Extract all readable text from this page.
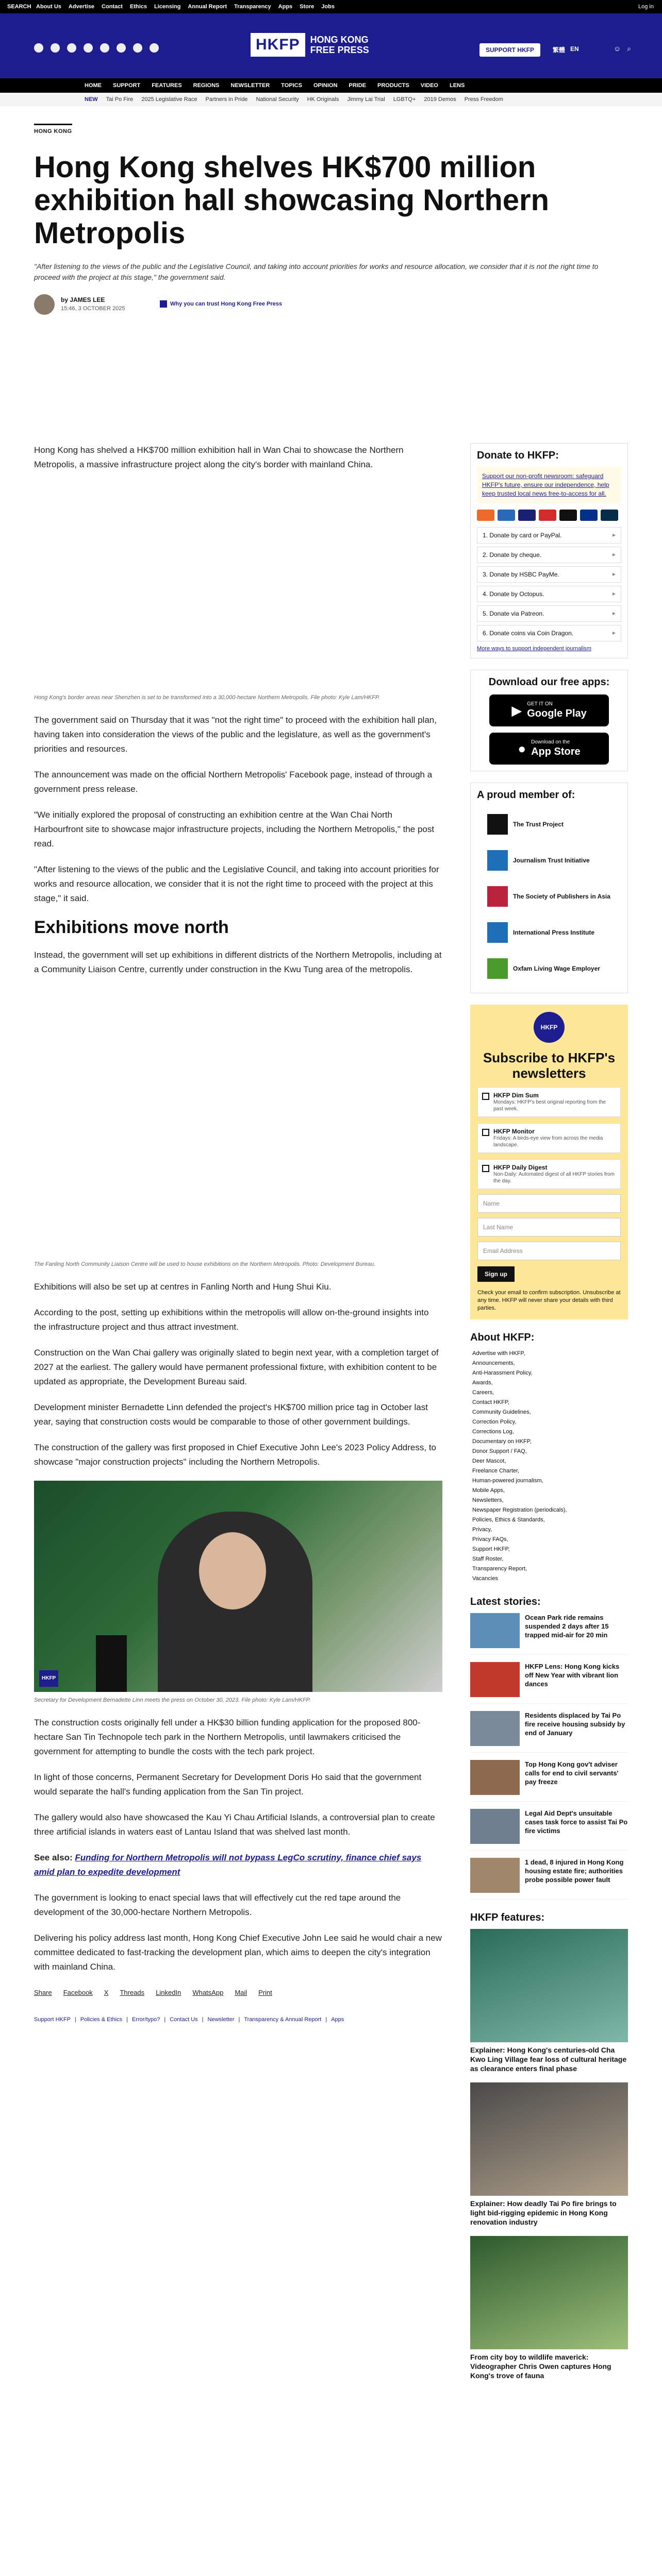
SEARCH About Us Advertise Contact Ethics Licensing Annual Report Transparency Apps Store Jobs	Log in
HKFP	HONG KONG
FREE PRESS	SUPPORT HKFP	繁體 EN	☺ ⌕
HOME SUPPORT FEATURES REGIONS NEWSLETTER TOPICS OPINION PRIDE PRODUCTS VIDEO LENS
NEW Tai Po Fire 2025 Legislative Race Partners in Pride National Security HK Originals Jimmy Lai Trial LGBTQ+ 2019 Demos Press Freedom
HONG KONG
Hong Kong shelves HK$700 million exhibition hall showcasing Northern Metropolis

"After listening to the views of the public and the Legislative Council, and taking into account priorities for works and resource allocation, we consider that it is not the right time to proceed with the project at this stage," the government said.

by JAMES LEE
15:46, 3 OCTOBER 2025
Why you can trust Hong Kong Free Press

Hong Kong has shelved a HK$700 million exhibition hall in Wan Chai to showcase the Northern Metropolis, a massive infrastructure project along the city's border with mainland China.

Hong Kong's border areas near Shenzhen is set to be transformed into a 30,000-hectare Northern Metropolis. File photo: Kyle Lam/HKFP.

The government said on Thursday that it was "not the right time" to proceed with the exhibition hall plan, having taken into consideration the views of the public and the legislature, as well as the government's priorities and resources.

The announcement was made on the official Northern Metropolis' Facebook page, instead of through a government press release.

"We initially explored the proposal of constructing an exhibition centre at the Wan Chai North Harbourfront site to showcase major infrastructure projects, including the Northern Metropolis," the post read.

"After listening to the views of the public and the Legislative Council, and taking into account priorities for works and resource allocation, we consider that it is not the right time to proceed with the project at this stage," it said.

Exhibitions move north

Instead, the government will set up exhibitions in different districts of the Northern Metropolis, including at a Community Liaison Centre, currently under construction in the Kwu Tung area of the metropolis.

The Fanling North Community Liaison Centre will be used to house exhibitions on the Northern Metropolis. Photo: Development Bureau.

Exhibitions will also be set up at centres in Fanling North and Hung Shui Kiu.

According to the post, setting up exhibitions within the metropolis will allow on-the-ground insights into the infrastructure project and thus attract investment.

Construction on the Wan Chai gallery was originally slated to begin next year, with a completion target of 2027 at the earliest. The gallery would have permanent professional fixture, with exhibition content to be updated as appropriate, the Development Bureau said.

Development minister Bernadette Linn defended the project's HK$700 million price tag in October last year, saying that construction costs would be comparable to those of other government buildings.

The construction of the gallery was first proposed in Chief Executive John Lee's 2023 Policy Address, to showcase "major construction projects" including the Northern Metropolis.

HKFP

Secretary for Development Bernadette Linn meets the press on October 30, 2023. File photo: Kyle Lam/HKFP.

The construction costs originally fell under a HK$30 billion funding application for the proposed 800-hectare San Tin Technopole tech park in the Northern Metropolis, until lawmakers criticised the government for attempting to bundle the costs with the tech park project.

In light of those concerns, Permanent Secretary for Development Doris Ho said that the government would separate the hall's funding application from the San Tin project.

The gallery would also have showcased the Kau Yi Chau Artificial Islands, a controversial plan to create three artificial islands in waters east of Lantau Island that was shelved last month.

See also: Funding for Northern Metropolis will not bypass LegCo scrutiny, finance chief says amid plan to expedite development

The government is looking to enact special laws that will effectively cut the red tape around the development of the 30,000-hectare Northern Metropolis.

Delivering his policy address last month, Hong Kong Chief Executive John Lee said he would chair a new committee dedicated to fast-tracking the development plan, which aims to deepen the city's integration with mainland China.

Share Facebook X Threads LinkedIn WhatsApp Mail Print
Support HKFP | Policies & Ethics | Error/typo? | Contact Us | Newsletter | Transparency & Annual Report | Apps
Donate to HKFP:
Support our non-profit newsroom: safeguard HKFP's future, ensure our independence, help keep trusted local news free-to-access for all.
1. Donate by card or PayPal. ▸
2. Donate by cheque. ▸
3. Donate by HSBC PayMe. ▸
4. Donate by Octopus. ▸
5. Donate via Patreon. ▸
6. Donate coins via Coin Dragon. ▸
More ways to support independent journalism
Download our free apps:
▶ GET IT ON
Google Play
● Download on the
App Store
A proud member of:
The Trust Project
Journalism Trust Initiative
The Society of Publishers in Asia
International Press Institute
Oxfam Living Wage Employer
HKFP
Subscribe to HKFP's newsletters
HKFP Dim Sum
Mondays: HKFP's best original reporting from the past week.
HKFP Monitor
Fridays: A birds-eye view from across the media landscape.
HKFP Daily Digest
Non-Daily: Automated digest of all HKFP stories from the day.
Name
Last Name
Email Address
Sign up

Check your email to confirm subscription. Unsubscribe at any time. HKFP will never share your details with third parties.

About HKFP:
Advertise with HKFP,
Announcements,
Anti-Harassment Policy,
Awards,
Careers,
Contact HKFP,
Community Guidelines,
Correction Policy,
Corrections Log,
Documentary on HKFP,
Donor Support / FAQ,
Deer Mascot,
Freelance Charter,
Human-powered journalism,
Mobile Apps,
Newsletters,
Newspaper Registration (periodicals),
Policies, Ethics & Standards,
Privacy,
Privacy FAQs,
Support HKFP,
Staff Roster,
Transparency Report,
Vacancies
Latest stories:
Ocean Park ride remains suspended 2 days after 15 trapped mid-air for 20 min
HKFP Lens: Hong Kong kicks off New Year with vibrant lion dances
Residents displaced by Tai Po fire receive housing subsidy by end of January
Top Hong Kong gov't adviser calls for end to civil servants' pay freeze
Legal Aid Dept's unsuitable cases task force to assist Tai Po fire victims
1 dead, 8 injured in Hong Kong housing estate fire; authorities probe possible power fault
HKFP features:
Explainer: Hong Kong's centuries-old Cha Kwo Ling Village fear loss of cultural heritage as clearance enters final phase
Explainer: How deadly Tai Po fire brings to light bid-rigging epidemic in Hong Kong renovation industry
From city boy to wildlife maverick: Videographer Chris Owen captures Hong Kong's trove of fauna
